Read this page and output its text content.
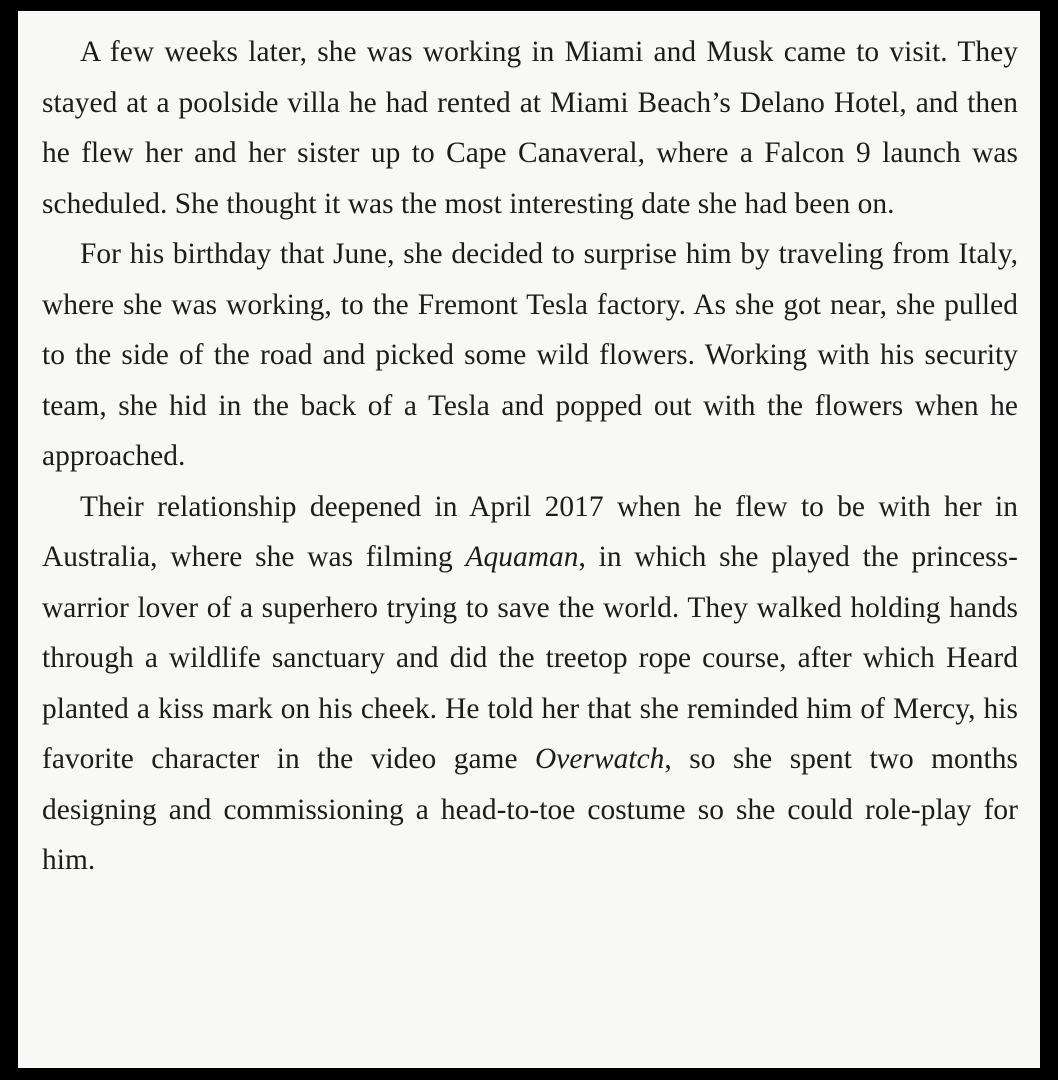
A few weeks later, she was working in Miami and Musk came to visit. They stayed at a poolside villa he had rented at Miami Beach’s Delano Hotel, and then he flew her and her sister up to Cape Canaveral, where a Falcon 9 launch was scheduled. She thought it was the most interesting date she had been on.

For his birthday that June, she decided to surprise him by traveling from Italy, where she was working, to the Fremont Tesla factory. As she got near, she pulled to the side of the road and picked some wild flowers. Working with his security team, she hid in the back of a Tesla and popped out with the flowers when he approached.

Their relationship deepened in April 2017 when he flew to be with her in Australia, where she was filming Aquaman, in which she played the princess-warrior lover of a superhero trying to save the world. They walked holding hands through a wildlife sanctuary and did the treetop rope course, after which Heard planted a kiss mark on his cheek. He told her that she reminded him of Mercy, his favorite character in the video game Overwatch, so she spent two months designing and commissioning a head-to-toe costume so she could role-play for him.
